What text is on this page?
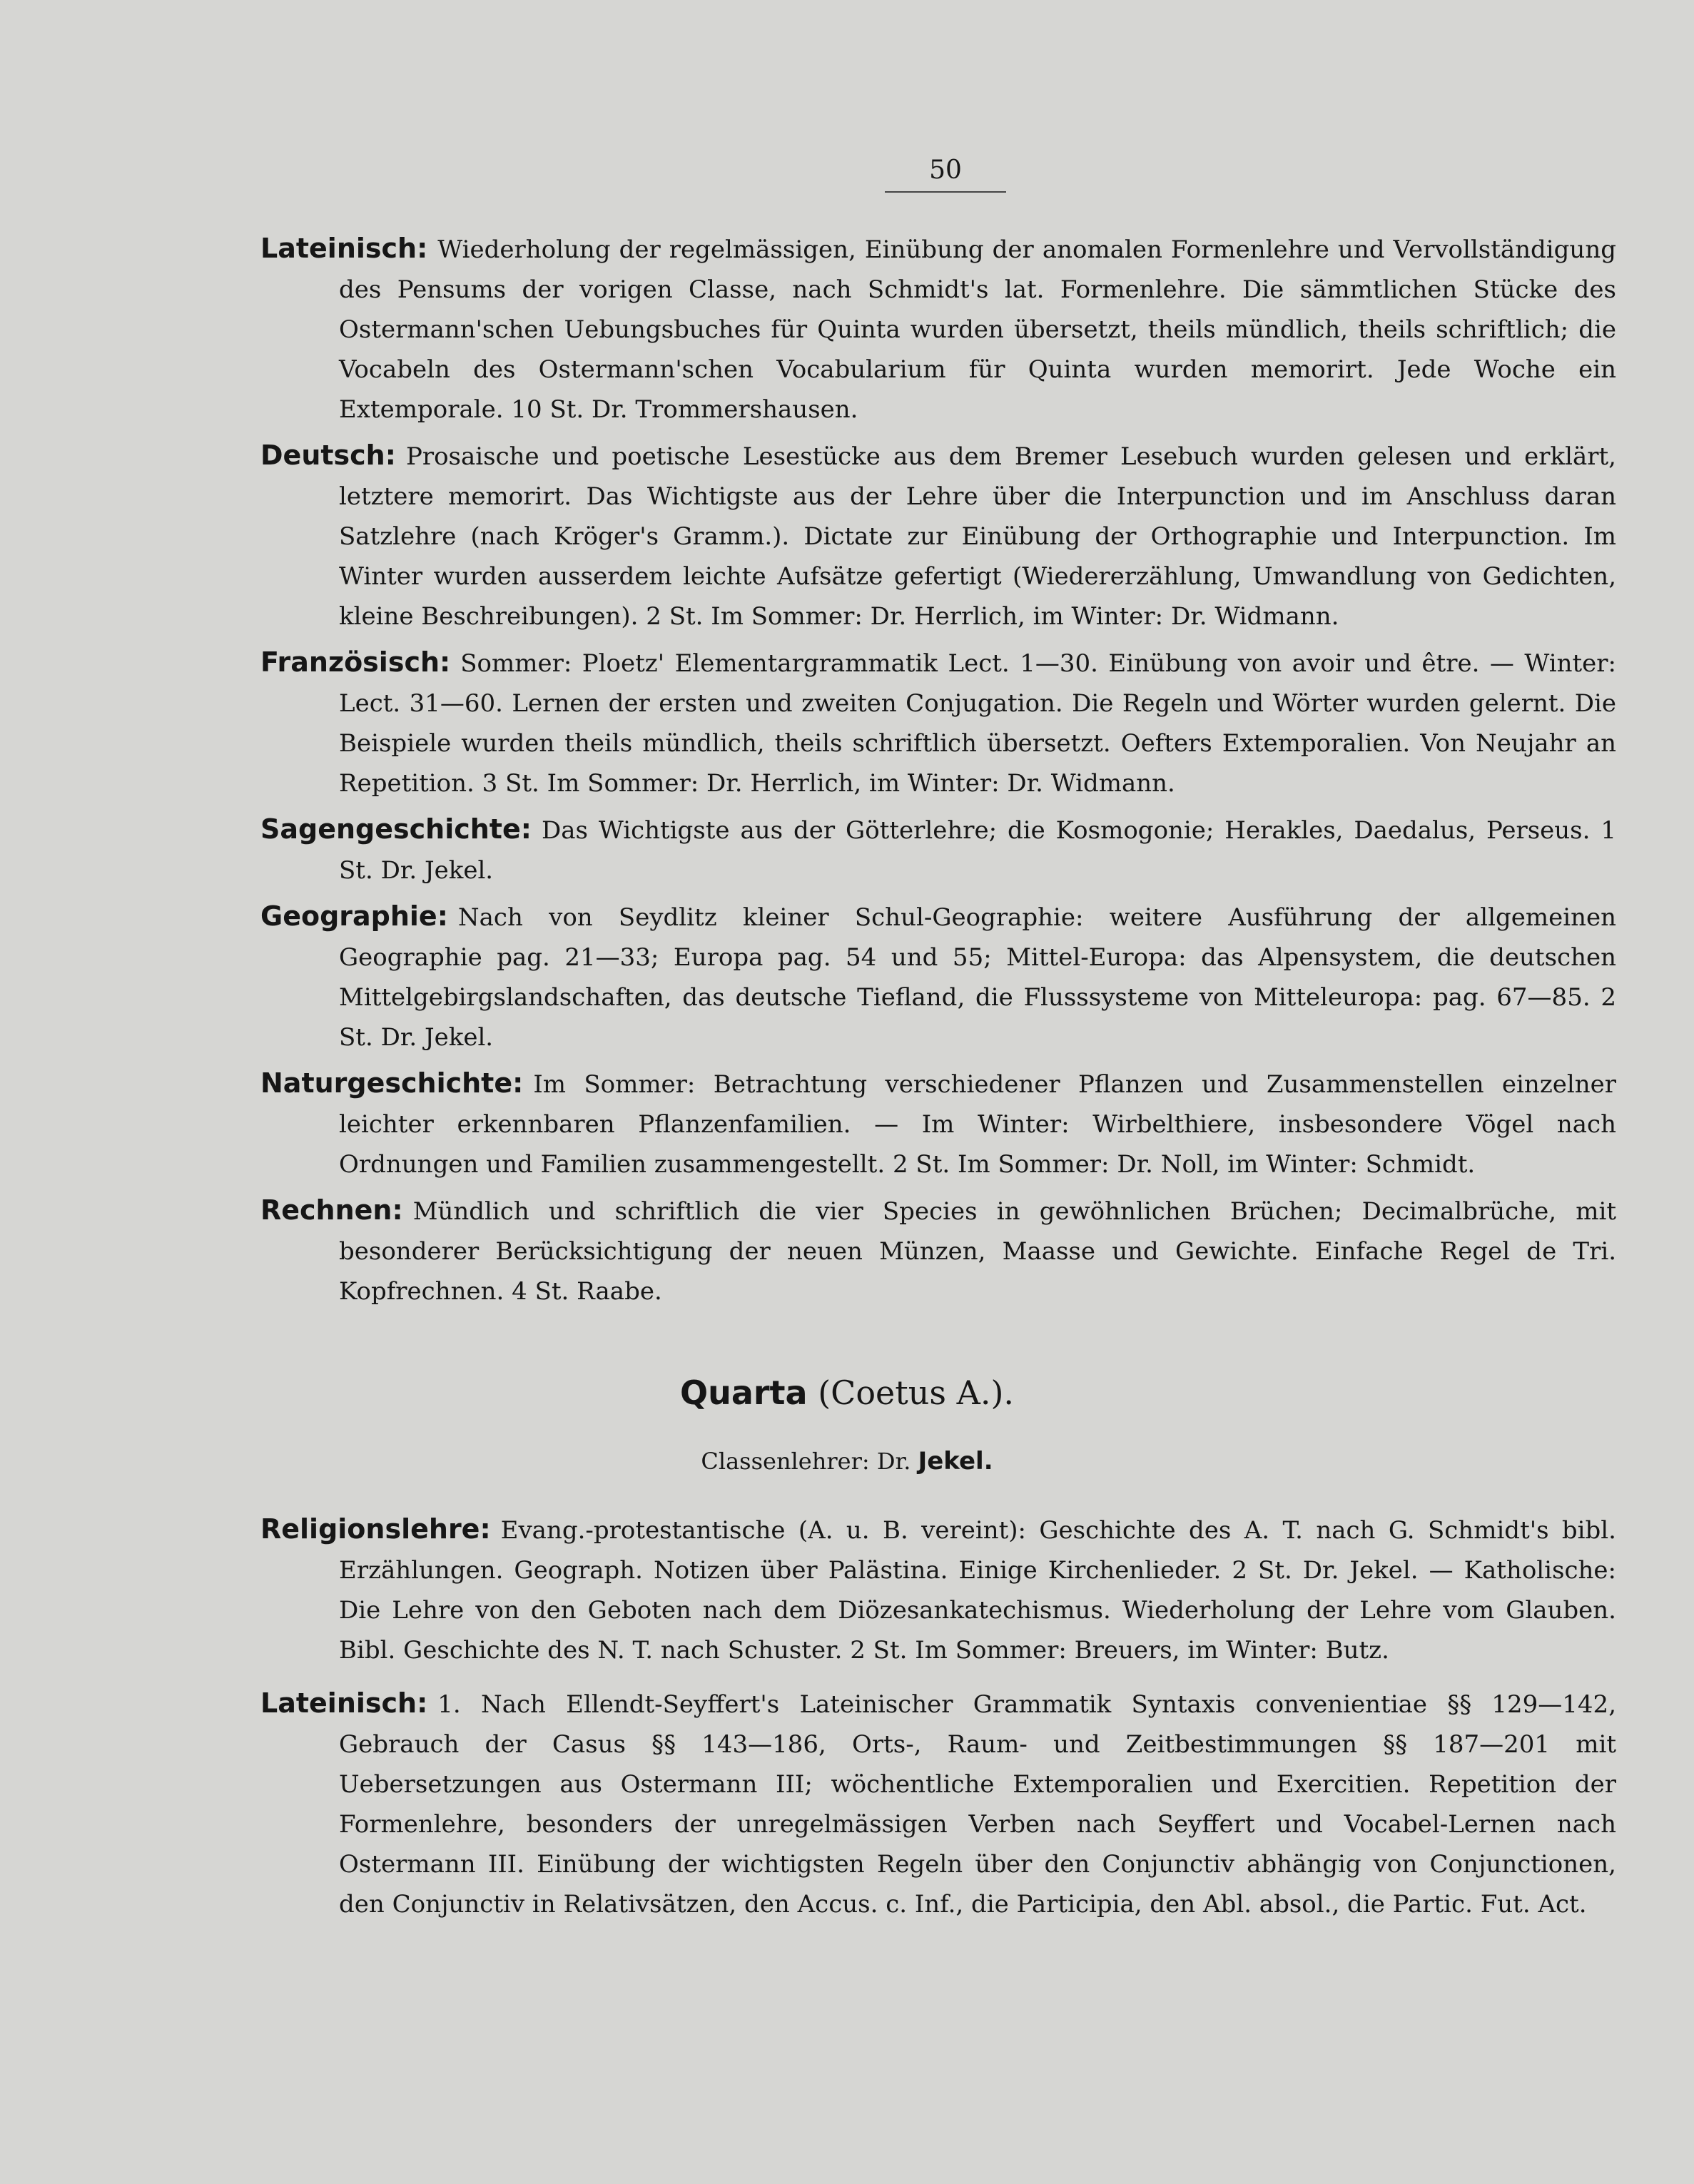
50

Lateinisch: Wiederholung der regelmässigen, Einübung der anomalen Formenlehre und Vervollständigung des Pensums der vorigen Classe, nach Schmidt's lat. Formenlehre. Die sämmtlichen Stücke des Ostermann'schen Uebungsbuches für Quinta wurden übersetzt, theils mündlich, theils schriftlich; die Vocabeln des Ostermann'schen Vocabularium für Quinta wurden memorirt. Jede Woche ein Extemporale. 10 St. Dr. Trommershausen.

Deutsch: Prosaische und poetische Lesestücke aus dem Bremer Lesebuch wurden gelesen und erklärt, letztere memorirt. Das Wichtigste aus der Lehre über die Interpunction und im Anschluss daran Satzlehre (nach Kröger's Gramm.). Dictate zur Einübung der Orthographie und Interpunction. Im Winter wurden ausserdem leichte Aufsätze gefertigt (Wiedererzählung, Umwandlung von Gedichten, kleine Beschreibungen). 2 St. Im Sommer: Dr. Herrlich, im Winter: Dr. Widmann.

Französisch: Sommer: Ploetz' Elementargrammatik Lect. 1—30. Einübung von avoir und être. — Winter: Lect. 31—60. Lernen der ersten und zweiten Conjugation. Die Regeln und Wörter wurden gelernt. Die Beispiele wurden theils mündlich, theils schriftlich übersetzt. Oefters Extemporalien. Von Neujahr an Repetition. 3 St. Im Sommer: Dr. Herrlich, im Winter: Dr. Widmann.

Sagengeschichte: Das Wichtigste aus der Götterlehre; die Kosmogonie; Herakles, Daedalus, Perseus. 1 St. Dr. Jekel.

Geographie: Nach von Seydlitz kleiner Schul-Geographie: weitere Ausführung der allgemeinen Geographie pag. 21—33; Europa pag. 54 und 55; Mittel-Europa: das Alpensystem, die deutschen Mittelgebirgslandschaften, das deutsche Tiefland, die Flusssysteme von Mitteleuropa: pag. 67—85. 2 St. Dr. Jekel.

Naturgeschichte: Im Sommer: Betrachtung verschiedener Pflanzen und Zusammenstellen einzelner leichter erkennbaren Pflanzenfamilien. — Im Winter: Wirbelthiere, insbesondere Vögel nach Ordnungen und Familien zusammengestellt. 2 St. Im Sommer: Dr. Noll, im Winter: Schmidt.

Rechnen: Mündlich und schriftlich die vier Species in gewöhnlichen Brüchen; Decimalbrüche, mit besonderer Berücksichtigung der neuen Münzen, Maasse und Gewichte. Einfache Regel de Tri. Kopfrechnen. 4 St. Raabe.

Quarta (Coetus A.).
Classenlehrer: Dr. Jekel.

Religionslehre: Evang.-protestantische (A. u. B. vereint): Geschichte des A. T. nach G. Schmidt's bibl. Erzählungen. Geograph. Notizen über Palästina. Einige Kirchenlieder. 2 St. Dr. Jekel. — Katholische: Die Lehre von den Geboten nach dem Diözesankatechismus. Wiederholung der Lehre vom Glauben. Bibl. Geschichte des N. T. nach Schuster. 2 St. Im Sommer: Breuers, im Winter: Butz.

Lateinisch: 1. Nach Ellendt-Seyffert's Lateinischer Grammatik Syntaxis convenientiae §§ 129—142, Gebrauch der Casus §§ 143—186, Orts-, Raum- und Zeitbestimmungen §§ 187—201 mit Uebersetzungen aus Ostermann III; wöchentliche Extemporalien und Exercitien. Repetition der Formenlehre, besonders der unregelmässigen Verben nach Seyffert und Vocabel-Lernen nach Ostermann III. Einübung der wichtigsten Regeln über den Conjunctiv abhängig von Conjunctionen, den Conjunctiv in Relativsätzen, den Accus. c. Inf., die Participia, den Abl. absol., die Partic. Fut. Act.
